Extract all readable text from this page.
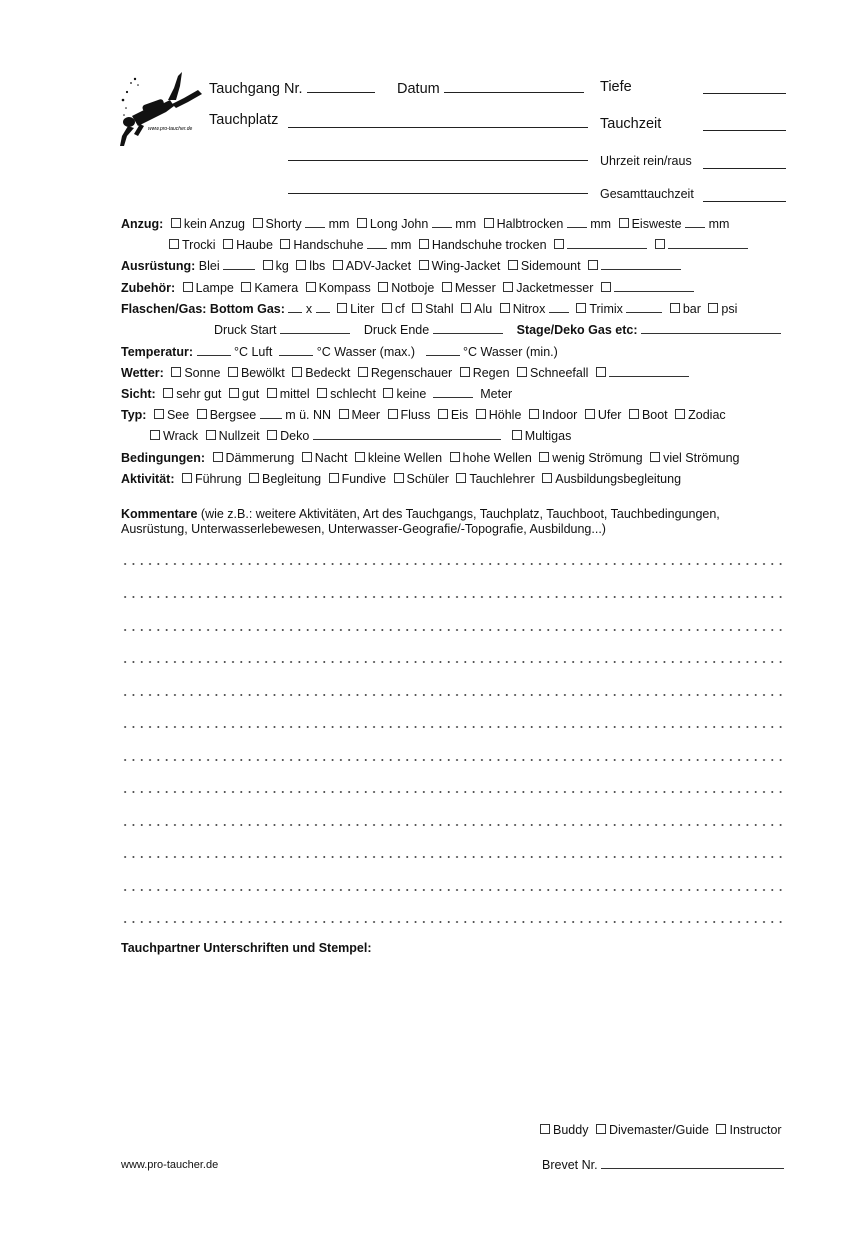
www.pro-taucher.de
Tauchgang Nr.	Datum	Tiefe
Tauchplatz	Tauchzeit
Uhrzeit rein/raus
Gesamttauchzeit
Anzug: kein Anzug Shorty mm Long John mm Halbtrocken mm Eisweste mm
Trocki Haube Handschuhe mm Handschuhe trocken
Ausrüstung: Blei	kg lbs ADV-Jacket Wing-Jacket Sidemount
Zubehör: Lampe Kamera Kompass Notboje Messer Jacketmesser
Flaschen/Gas: Bottom Gas: x	Liter cf Stahl Alu Nitrox	Trimix	bar psi
Druck Start	Druck Ende	Stage/Deko Gas etc:
Temperatur:	°C Luft	°C Wasser (max.)	°C Wasser (min.)
Wetter: Sonne Bewölkt Bedeckt Regenschauer Regen Schneefall
Sicht: sehr gut gut mittel schlecht keine	Meter
Typ: See Bergsee m ü. NN Meer Fluss Eis Höhle Indoor Ufer Boot Zodiac
Wrack Nullzeit Deko	Multigas
Bedingungen: Dämmerung Nacht kleine Wellen hohe Wellen wenig Strömung viel Strömung
Aktivität: Führung Begleitung Fundive Schüler Tauchlehrer Ausbildungsbegleitung
Kommentare (wie z.B.: weitere Aktivitäten, Art des Tauchgangs, Tauchplatz, Tauchboot, Tauchbedingungen,
Ausrüstung, Unterwasserlebewesen, Unterwasser-Geografie/-Topografie, Ausbildung...)
Tauchpartner Unterschriften und Stempel:
Buddy Divemaster/Guide Instructor
www.pro-taucher.de	Brevet Nr.
